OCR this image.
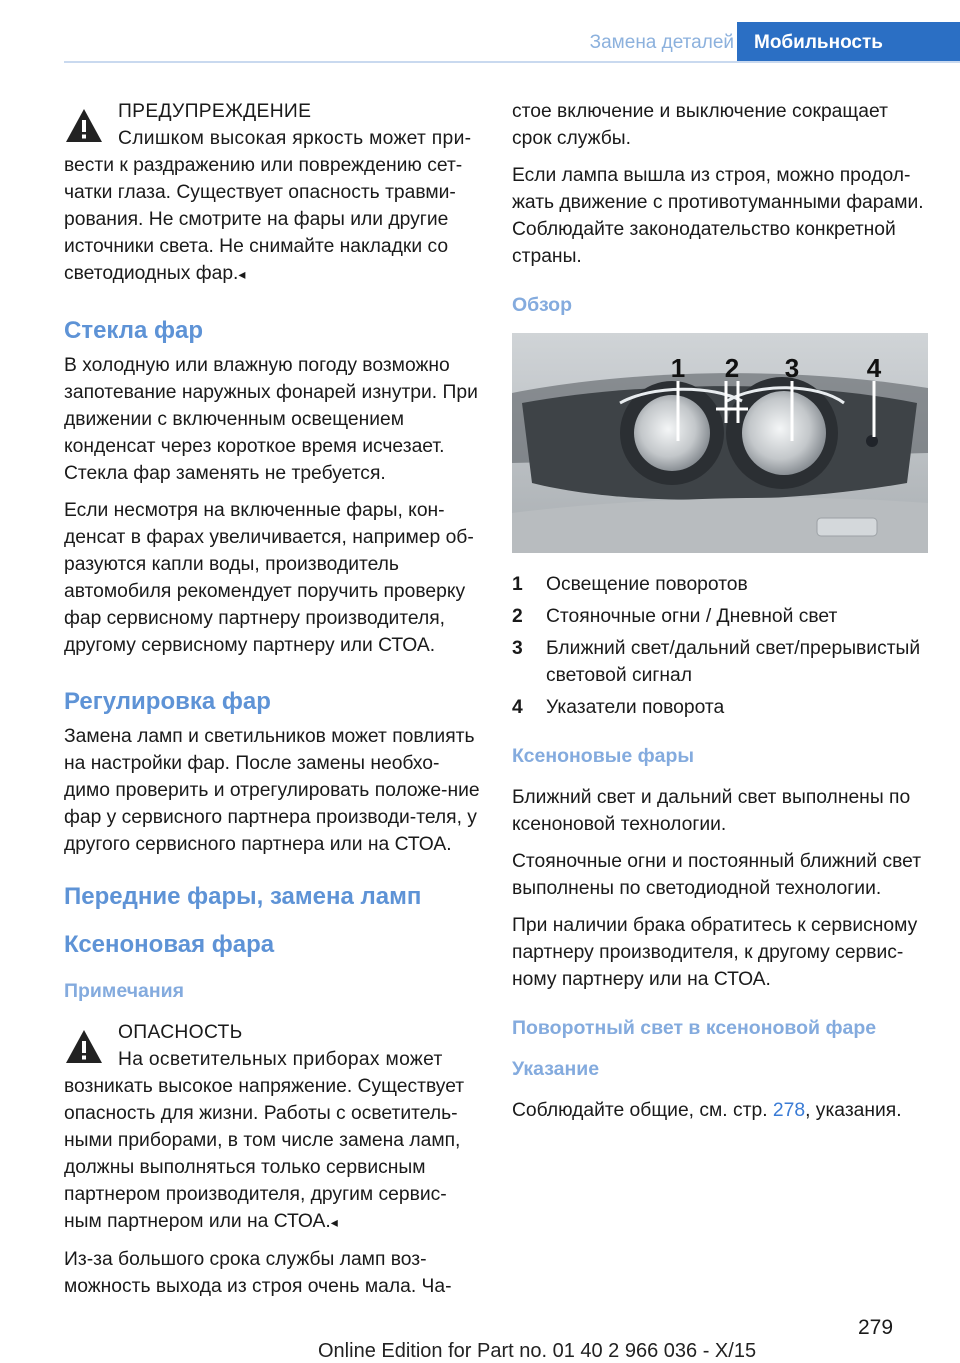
Замена деталей	Мобильность
ПРЕДУПРЕЖДЕНИЕ
Слишком высокая яркость может при-
вести к раздражению или повреждению сет-чатки глаза. Существует опасность травми-рования. Не смотрите на фары или другие источники света. Не снимайте накладки со светодиодных фар.◂
Стекла фар

В холодную или влажную погоду возможно запотевание наружных фонарей изнутри. При движении с включенным освещением конденсат через короткое время исчезает. Стекла фар заменять не требуется.

Если несмотря на включенные фары, кон-денсат в фарах увеличивается, например об-разуются капли воды, производитель автомобиля рекомендует поручить проверку фар сервисному партнеру производителя, другому сервисному партнеру или СТОА.

Регулировка фар

Замена ламп и светильников может повлиять на настройки фар. После замены необхо-димо проверить и отрегулировать положе-ние фар у сервисного партнера производи-теля, у другого сервисного партнера или на СТОА.

Передние фары, замена ламп
Ксеноновая фара
Примечания
ОПАСНОСТЬ
На осветительных приборах может
возникать высокое напряжение. Существует опасность для жизни. Работы с осветитель-ными приборами, в том числе замена ламп, должны выполняться только сервисным партнером производителя, другим сервис-ным партнером или на СТОА.◂

Из-за большого срока службы ламп воз-можность выхода из строя очень мала. Ча-

стое включение и выключение сокращает срок службы.

Если лампа вышла из строя, можно продол-жать движение с противотуманными фарами. Соблюдайте законодательство конкретной страны.

Обзор
1 2 3	4
1 Освещение поворотов
2 Стояночные огни / Дневной свет
3 Ближний свет/дальний свет/прерывистый световой сигнал
4 Указатели поворота
Ксеноновые фары

Ближний свет и дальний свет выполнены по ксеноновой технологии.

Стояночные огни и постоянный ближний свет выполнены по светодиодной технологии.

При наличии брака обратитесь к сервисному партнеру производителя, к другому сервис-ному партнеру или на СТОА.

Поворотный свет в ксеноновой фаре
Указание

Соблюдайте общие, см. стр. 278, указания.

279
Online Edition for Part no. 01 40 2 966 036 - X/15
